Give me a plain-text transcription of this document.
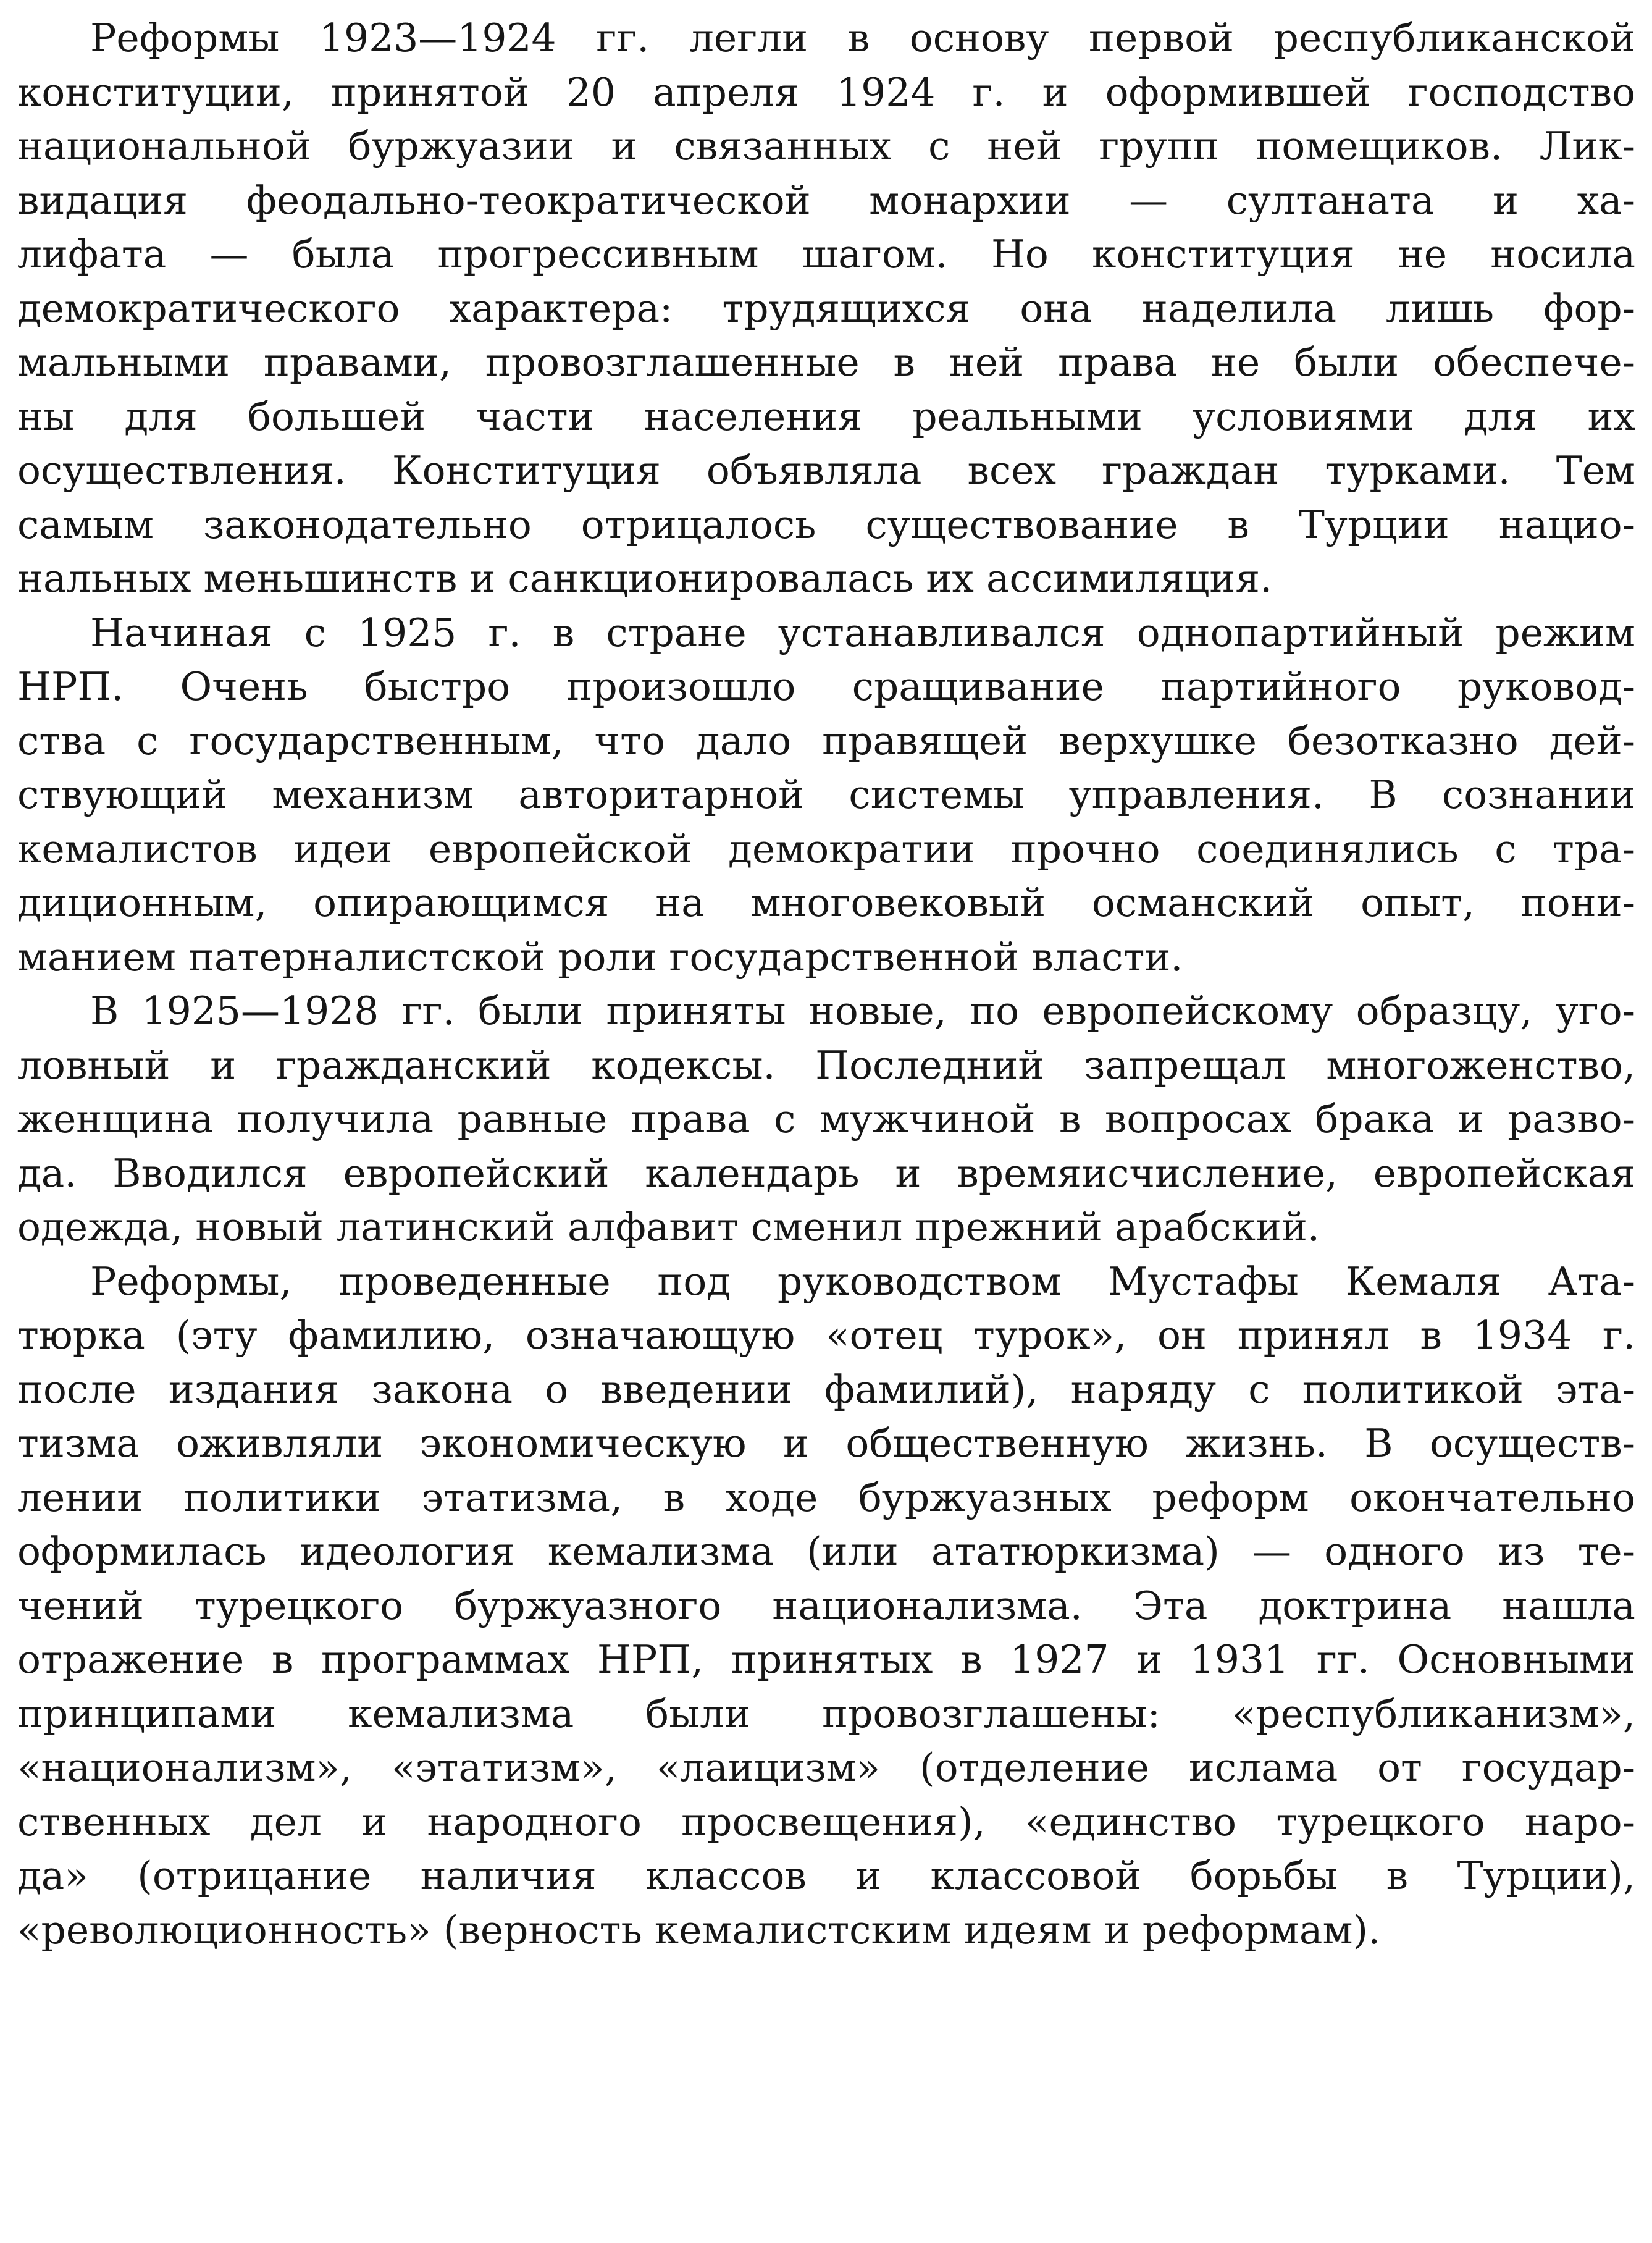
Реформы 1923—1924 гг. легли в основу первой республиканской
конституции, принятой 20 апреля 1924 г. и оформившей господство
национальной буржуазии и связанных с ней групп помещиков. Лик-
видация феодально-теократической монархии — султаната и ха-
лифата — была прогрессивным шагом. Но конституция не носила
демократического характера: трудящихся она наделила лишь фор-
мальными правами, провозглашенные в ней права не были обеспече-
ны для большей части населения реальными условиями для их
осуществления. Конституция объявляла всех граждан турками. Тем
самым законодательно отрицалось существование в Турции нацио-
нальных меньшинств и санкционировалась их ассимиляция.
Начиная с 1925 г. в стране устанавливался однопартийный режим
НРП. Очень быстро произошло сращивание партийного руковод-
ства с государственным, что дало правящей верхушке безотказно дей-
ствующий механизм авторитарной системы управления. В сознании
кемалистов идеи европейской демократии прочно соединялись с тра-
диционным, опирающимся на многовековый османский опыт, пони-
манием патерналистской роли государственной власти.
В 1925—1928 гг. были приняты новые, по европейскому образцу, уго-
ловный и гражданский кодексы. Последний запрещал многоженство,
женщина получила равные права с мужчиной в вопросах брака и разво-
да. Вводился европейский календарь и времяисчисление, европейская
одежда, новый латинский алфавит сменил прежний арабский.
Реформы, проведенные под руководством Мустафы Кемаля Ата-
тюрка (эту фамилию, означающую «отец турок», он принял в 1934 г.
после издания закона о введении фамилий), наряду с политикой эта-
тизма оживляли экономическую и общественную жизнь. В осуществ-
лении политики этатизма, в ходе буржуазных реформ окончательно
оформилась идеология кемализма (или ататюркизма) — одного из те-
чений турецкого буржуазного национализма. Эта доктрина нашла
отражение в программах НРП, принятых в 1927 и 1931 гг. Основными
принципами кемализма были провозглашены: «республиканизм»,
«национализм», «этатизм», «лаицизм» (отделение ислама от государ-
ственных дел и народного просвещения), «единство турецкого наро-
да» (отрицание наличия классов и классовой борьбы в Турции),
«революционность» (верность кемалистским идеям и реформам).
